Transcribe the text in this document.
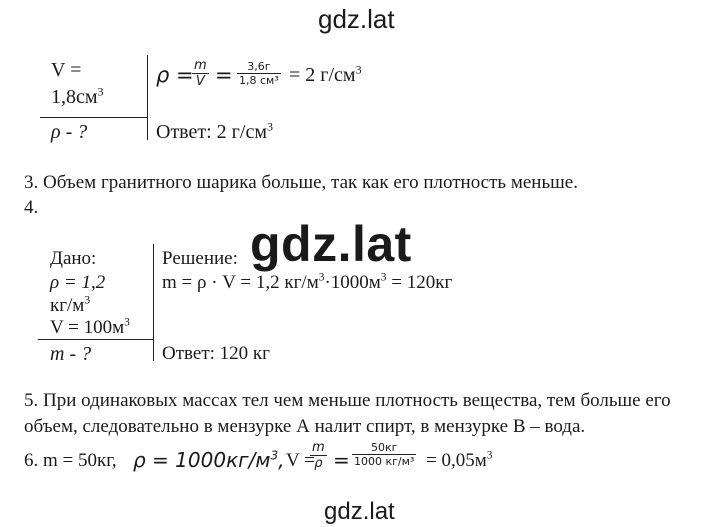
gdz.lat
V =
$1,8см^3$
ρ - ?
ρ = m
V = 3,6г
1,8 см³ = 2 $г/см^3$
Ответ: 2 $г/см^3$
3. Объем гранитного шарика больше, так как его плотность меньше.
4.
gdz.lat
Дано:
ρ = 1,2
$кг/м^3$
$V = 100м^3$
m - ?
Решение:
m = ρ · V = 1,2 $кг/м^3\cdot 1000м^3 = 120кг$
Ответ: 120 кг
5. При одинаковых массах тел чем меньше плотность вещества, тем больше его
объем, следовательно в мензурке А налит спирт, в мензурке В – вода.
6. m = 50кг, $\rho = 1000кг/м^3$, V =
m
ρ =
50кг
1000 $кг/м^3 = 0,05м^3$
gdz.lat
